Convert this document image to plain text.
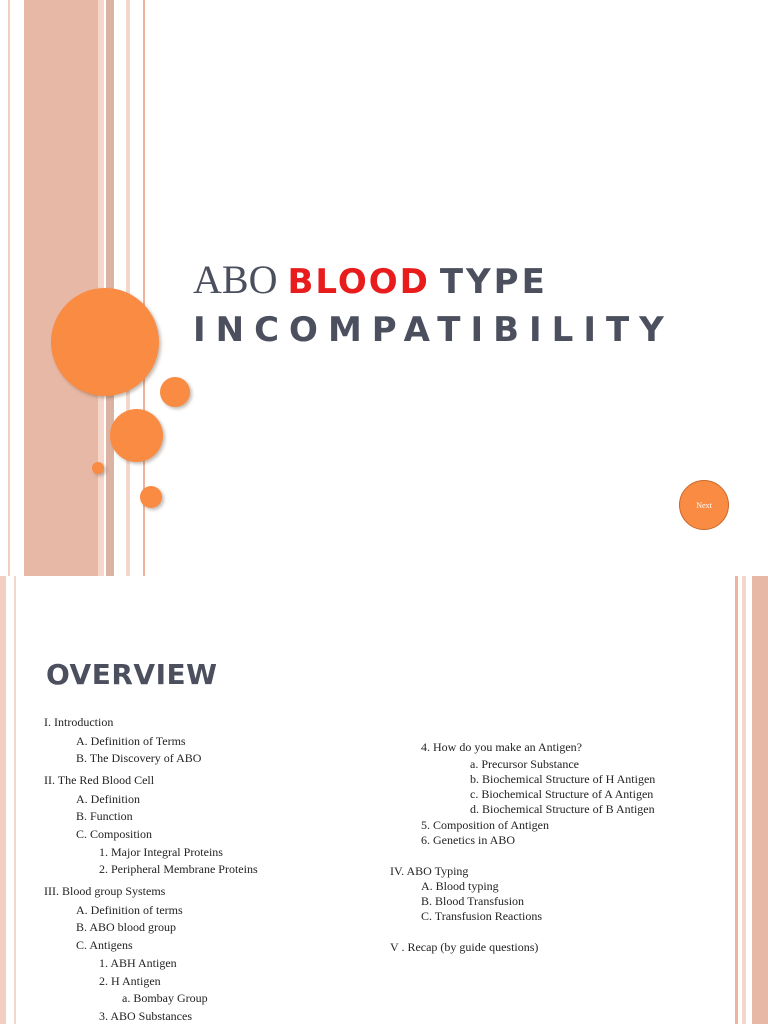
ABO BLOOD TYPE
INCOMPATIBILITY
Next
OVERVIEW
I. Introduction
A. Definition of Terms
B. The Discovery of ABO
II. The Red Blood Cell
A. Definition
B. Function
C. Composition
1. Major Integral Proteins
2. Peripheral Membrane Proteins
III. Blood group Systems
A. Definition of terms
B. ABO blood group
C. Antigens
1. ABH Antigen
2. H Antigen
a. Bombay Group
3. ABO Substances
4. How do you make an Antigen?
a. Precursor Substance
b. Biochemical Structure of H Antigen
c. Biochemical Structure of A Antigen
d. Biochemical Structure of B Antigen
5. Composition of Antigen
6. Genetics in ABO
IV. ABO Typing
A. Blood typing
B. Blood Transfusion
C. Transfusion Reactions
V . Recap (by guide questions)
